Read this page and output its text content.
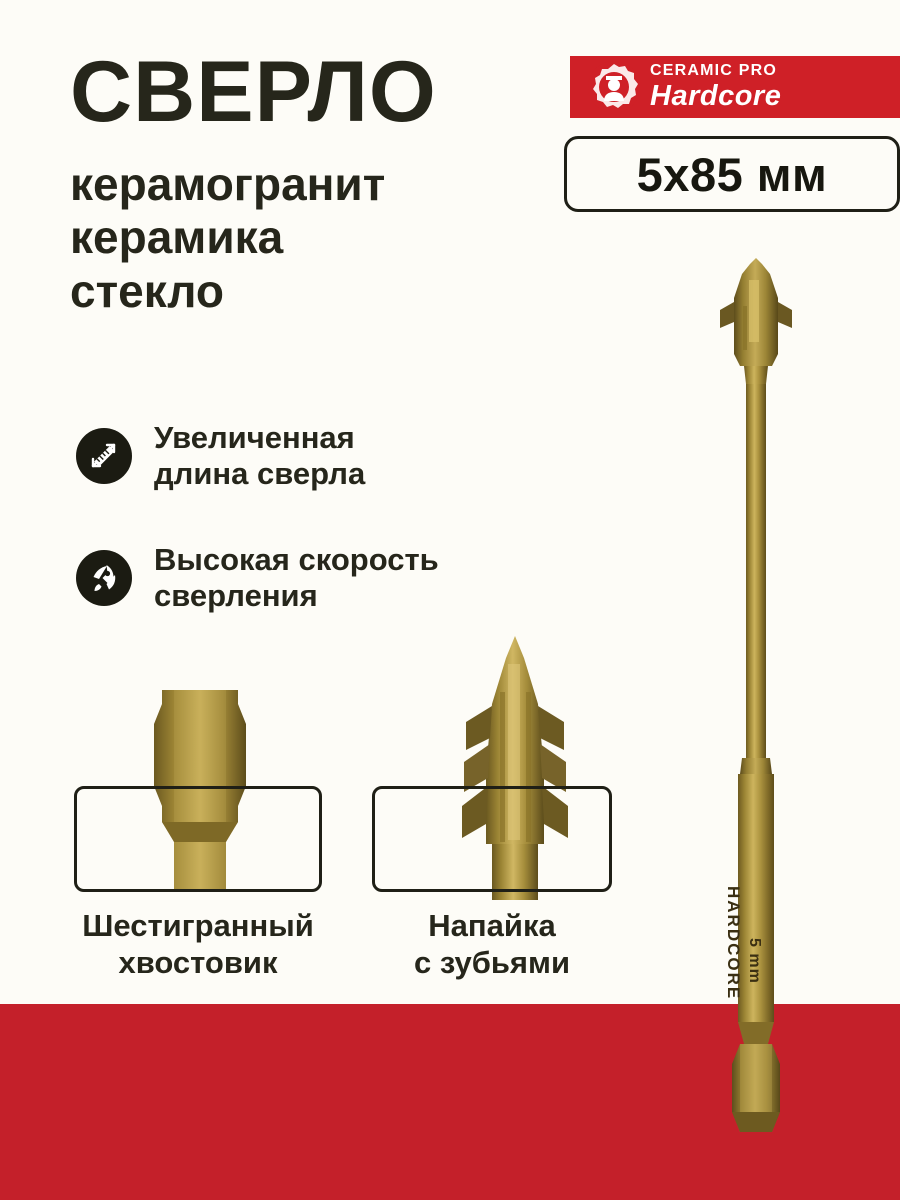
HARDCORE 5 mm
СВЕРЛО
керамогранит
керамика
стекло
CERAMIC PRO
Hardcore
5x85 мм
Увеличенная
длина сверла
Высокая скорость
сверления
Шестигранный
хвостовик
Напайка
с зубьями
